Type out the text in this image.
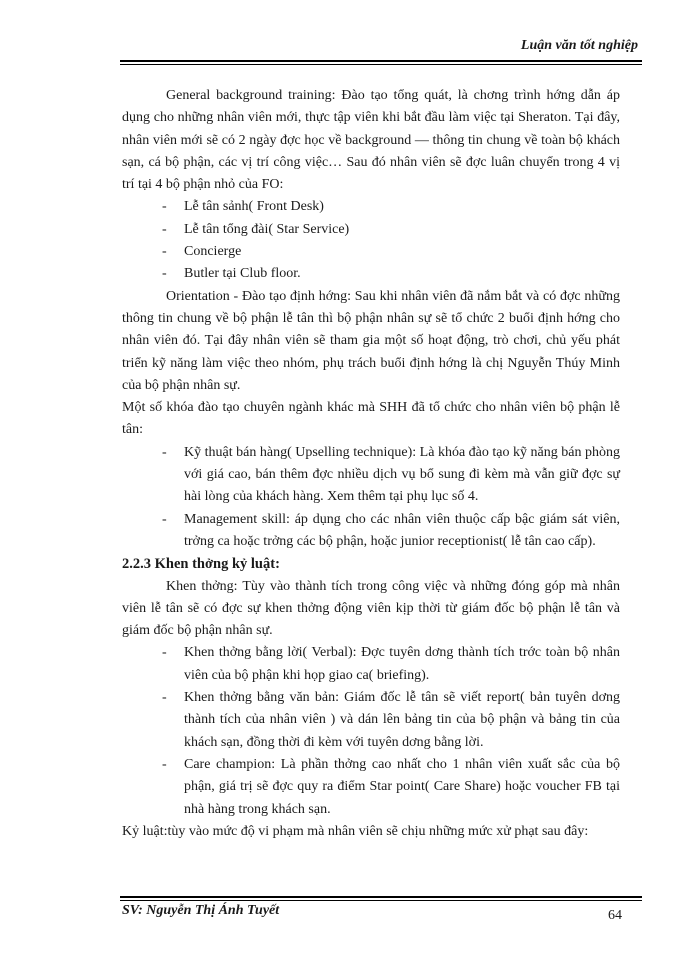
Luận văn tốt nghiệp

General background training: Đào tạo tổng quát, là chơng trình hớng dẫn áp dụng cho những nhân viên mới, thực tập viên khi bắt đầu làm việc tại Sheraton. Tại đây, nhân viên mới sẽ có 2 ngày đợc học về background — thông tin chung về toàn bộ khách sạn, cá bộ phận, các vị trí công việc… Sau đó nhân viên sẽ đợc luân chuyển trong 4 vị trí tại 4 bộ phận nhỏ của FO:

- Lễ tân sảnh( Front Desk)
- Lễ tân tổng đài( Star Service)
- Concierge
- Butler tại Club floor.

Orientation - Đào tạo định hớng: Sau khi nhân viên đã nắm bắt và có đợc những thông tin chung về bộ phận lễ tân thì bộ phận nhân sự sẽ tổ chức 2 buổi định hớng cho nhân viên đó. Tại đây nhân viên sẽ tham gia một số hoạt động, trò chơi, chủ yếu phát triển kỹ năng làm việc theo nhóm, phụ trách buổi định hớng là chị Nguyễn Thúy Minh của bộ phận nhân sự.

Một số khóa đào tạo chuyên ngành khác mà SHH đã tổ chức cho nhân viên bộ phận lễ tân:

- Kỹ thuật bán hàng( Upselling technique): Là khóa đào tạo kỹ năng bán phòng với giá cao, bán thêm đợc nhiều dịch vụ bổ sung đi kèm mà vẫn giữ đợc sự hài lòng của khách hàng. Xem thêm tại phụ lục số 4.
- Management skill: áp dụng cho các nhân viên thuộc cấp bậc giám sát viên, trởng ca hoặc trởng các bộ phận, hoặc junior receptionist( lễ tân cao cấp).

2.2.3 Khen thởng kỷ luật:

Khen thởng: Tùy vào thành tích trong công việc và những đóng góp mà nhân viên lễ tân sẽ có đợc sự khen thởng động viên kịp thời từ giám đốc bộ phận lễ tân và giám đốc bộ phận nhân sự.

- Khen thởng bằng lời( Verbal): Đợc tuyên dơng thành tích trớc toàn bộ nhân viên của bộ phận khi họp giao ca( briefing).
- Khen thởng bằng văn bản: Giám đốc lễ tân sẽ viết report( bản tuyên dơng thành tích của nhân viên ) và dán lên bảng tin của bộ phận và bảng tin của khách sạn, đồng thời đi kèm với tuyên dơng bằng lời.
- Care champion: Là phần thởng cao nhất cho 1 nhân viên xuất sắc của bộ phận, giá trị sẽ đợc quy ra điểm Star point( Care Share) hoặc voucher FB tại nhà hàng trong khách sạn.

Kỷ luật:tùy vào mức độ vi phạm mà nhân viên sẽ chịu những mức xử phạt sau đây:

SV: Nguyễn Thị Ánh Tuyết	64
